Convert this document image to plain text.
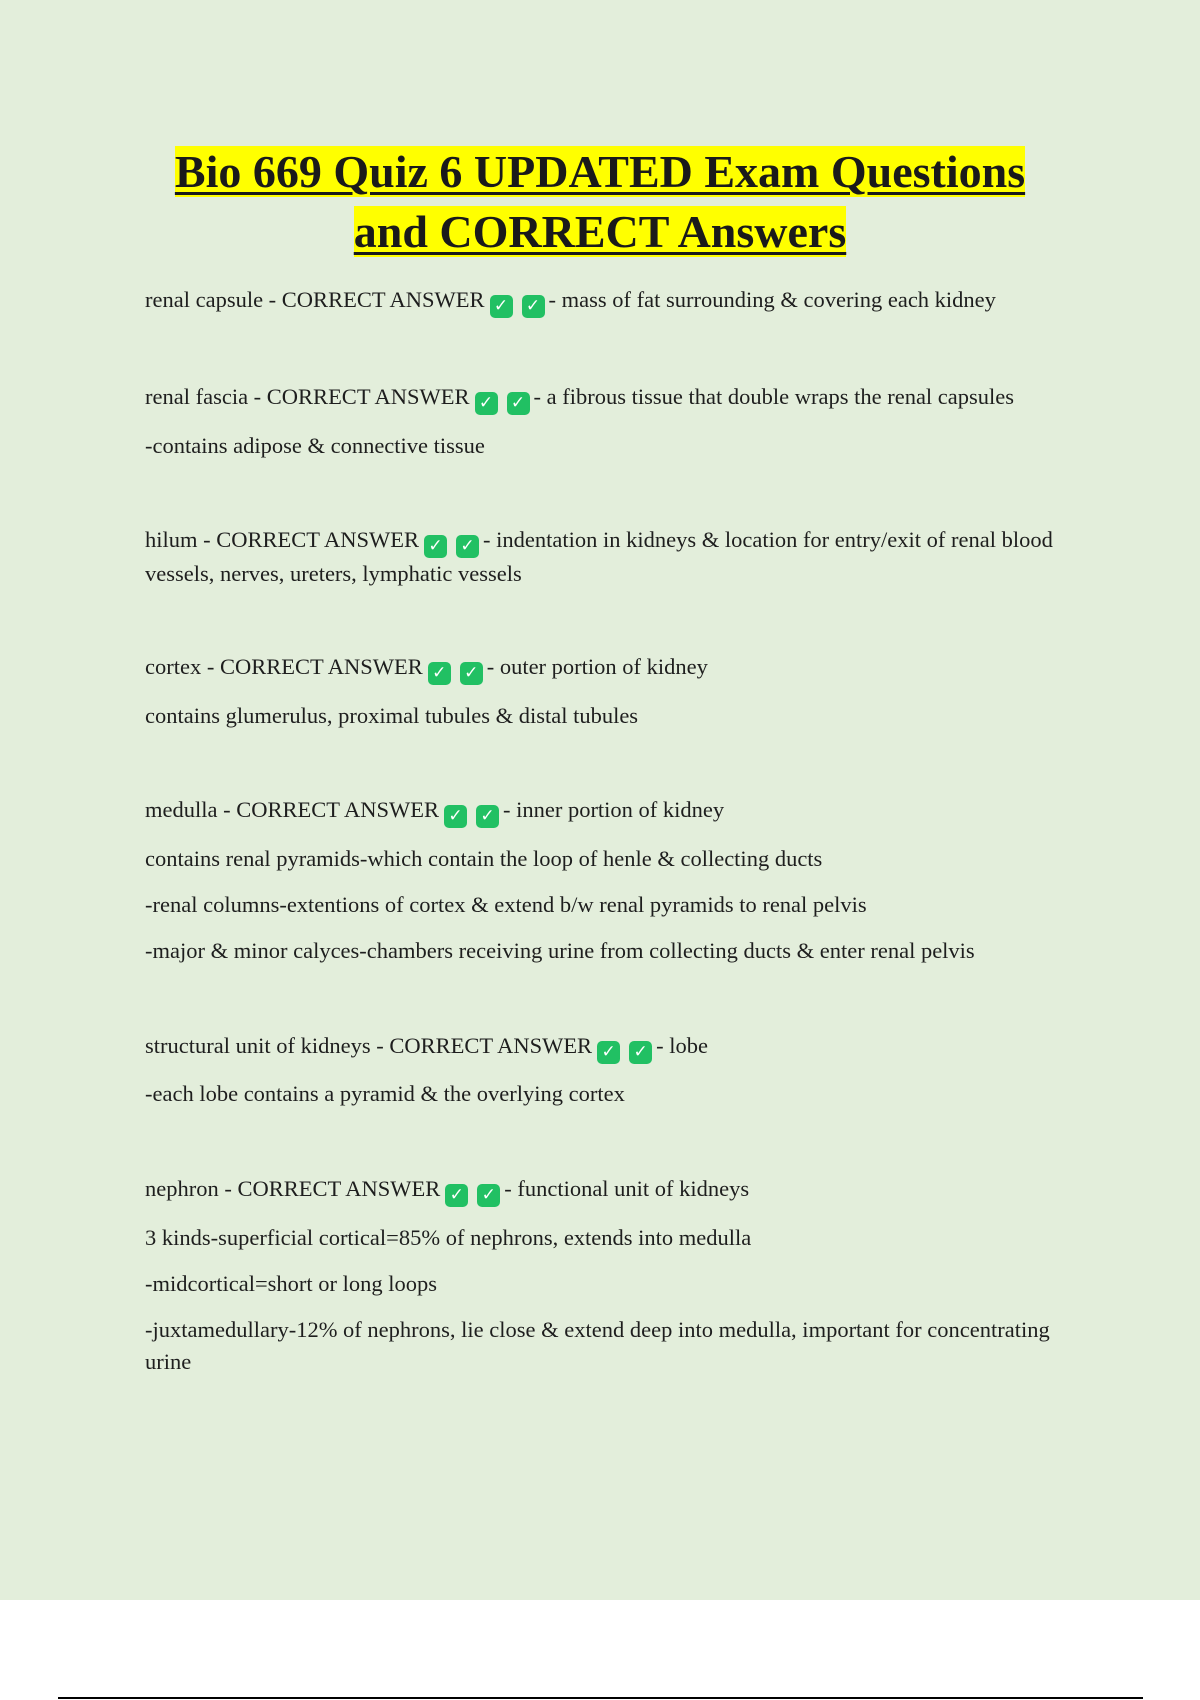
Bio 669 Quiz 6 UPDATED Exam Questions
and CORRECT Answers
renal capsule - CORRECT ANSWER ✓ ✓ - mass of fat surrounding & covering each kidney
renal fascia - CORRECT ANSWER ✓ ✓ - a fibrous tissue that double wraps the renal capsules
-contains adipose & connective tissue
hilum - CORRECT ANSWER ✓ ✓ - indentation in kidneys & location for entry/exit of renal blood vessels, nerves, ureters, lymphatic vessels
cortex - CORRECT ANSWER ✓ ✓ - outer portion of kidney
contains glumerulus, proximal tubules & distal tubules
medulla - CORRECT ANSWER ✓ ✓ - inner portion of kidney
contains renal pyramids-which contain the loop of henle & collecting ducts
-renal columns-extentions of cortex & extend b/w renal pyramids to renal pelvis
-major & minor calyces-chambers receiving urine from collecting ducts & enter renal pelvis
structural unit of kidneys - CORRECT ANSWER ✓ ✓ - lobe
-each lobe contains a pyramid & the overlying cortex
nephron - CORRECT ANSWER ✓ ✓ - functional unit of kidneys
3 kinds-superficial cortical=85% of nephrons, extends into medulla
-midcortical=short or long loops
-juxtamedullary-12% of nephrons, lie close & extend deep into medulla, important for concentrating urine
